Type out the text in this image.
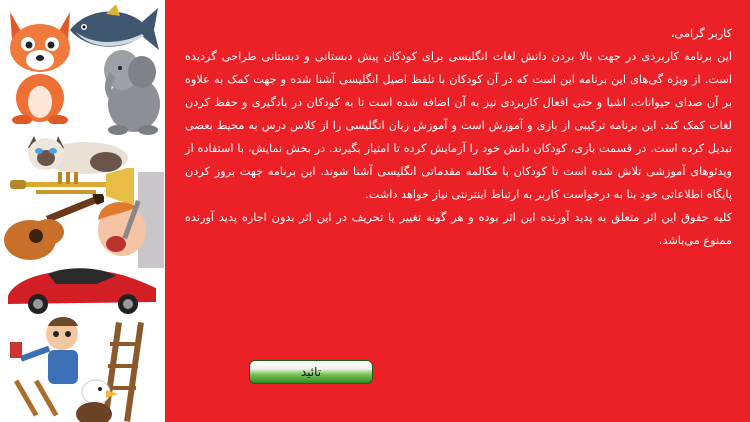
کاربر گرامی،

این برنامه کاربردی در جهت بالا بردن دانش لغات انگلیسی برای کودکان پیش دبستانی و دبستانی طراحی گردیده است. از ویژه گی‌های این برنامه این است که در آن کودکان با تلفظ اصیل انگلیسی آشنا شده و جهت کمک به علاوه بر آن صدای حیوانات، اشیا و حتی افعال کاربردی نیز به آن اضافه شده است تا به کودکان در یادگیری و حفظ کردن لغات کمک کند. این برنامه ترکیبی از بازی و آموزش است و آموزش زبان انگلیسی را از کلاس درس به محیط بعضی تبدیل کرده است. در قسمت بازی، کودکان دانش خود را آزمایش کرده تا امتیاز بگیرند. در بخش نمایش، با استفاده از ویدئوهای آموزشی تلاش شده است تا کودکان با مکالمه مقدماتی انگلیسی آشنا شوند. این برنامه جهت بروز کردن پایگاه اطلاعاتی خود بنا به درخواست کاربر به ارتباط اینترنتی نیاز خواهد داشت.

کلیه حقوق این اثر متعلق به پدید آورنده این اثر بوده و هر گونه تغییر یا تحریف در این اثر بدون اجازه پدید آورنده ممنوع می‌باشد.

تائید
